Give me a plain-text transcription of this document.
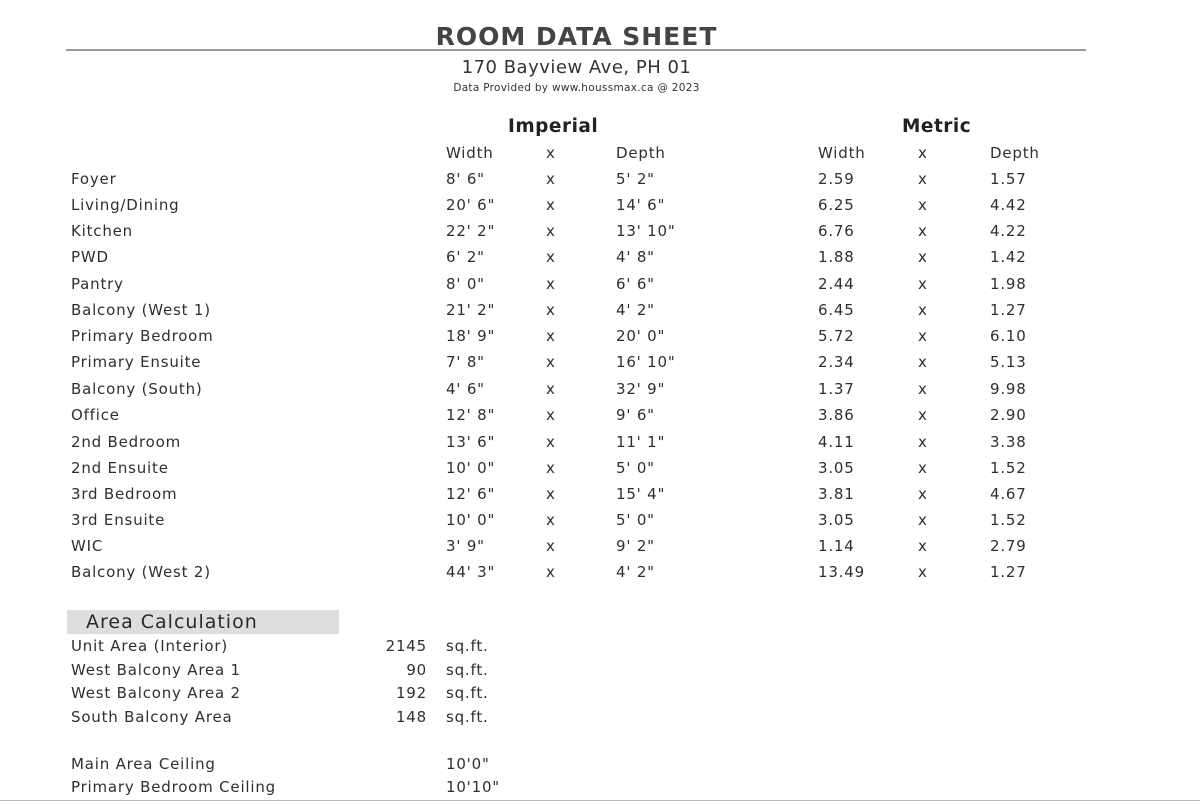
ROOM DATA SHEET
170 Bayview Ave, PH 01
Data Provided by www.houssmax.ca @ 2023
Imperial	Metric
Width	x	Depth	Width	x	Depth
Foyer	8' 6"	x	5' 2"	2.59	x	1.57
Living/Dining	20' 6"	x	14' 6"	6.25	x	4.42
Kitchen	22' 2"	x	13' 10"	6.76	x	4.22
PWD	6' 2"	x	4' 8"	1.88	x	1.42
Pantry	8' 0"	x	6' 6"	2.44	x	1.98
Balcony (West 1)	21' 2"	x	4' 2"	6.45	x	1.27
Primary Bedroom	18' 9"	x	20' 0"	5.72	x	6.10
Primary Ensuite	7' 8"	x	16' 10"	2.34	x	5.13
Balcony (South)	4' 6"	x	32' 9"	1.37	x	9.98
Office	12' 8"	x	9' 6"	3.86	x	2.90
2nd Bedroom	13' 6"	x	11' 1"	4.11	x	3.38
2nd Ensuite	10' 0"	x	5' 0"	3.05	x	1.52
3rd Bedroom	12' 6"	x	15' 4"	3.81	x	4.67
3rd Ensuite	10' 0"	x	5' 0"	3.05	x	1.52
WIC	3' 9"	x	9' 2"	1.14	x	2.79
Balcony (West 2)	44' 3"	x	4' 2"	13.49	x	1.27
Area Calculation
Unit Area (Interior)	2145 sq.ft.
West Balcony Area 1	90 sq.ft.
West Balcony Area 2	192 sq.ft.
South Balcony Area	148 sq.ft.
Main Area Ceiling	10'0"
Primary Bedroom Ceiling	10'10"
